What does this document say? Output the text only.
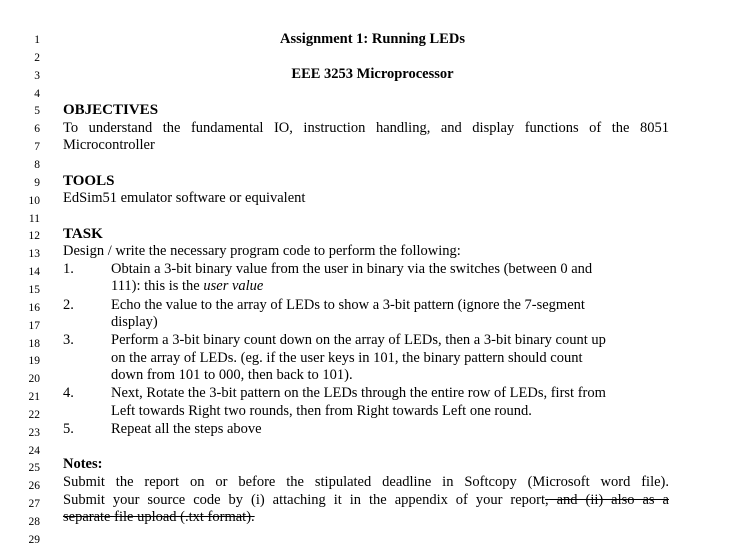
1
2
3
4
5
6
7
8
9
10
11
12
13
14
15
16
17
18
19
20
21
22
23
24
25
26
27
28
29
Assignment 1: Running LEDs
EEE 3253 Microprocessor
OBJECTIVES
To understand the fundamental IO, instruction handling, and display functions of the 8051
Microcontroller
TOOLS
EdSim51 emulator software or equivalent
TASK
Design / write the necessary program code to perform the following:
1.	Obtain a 3-bit binary value from the user in binary via the switches (between 0 and
111): this is the user value
2.	Echo the value to the array of LEDs to show a 3-bit pattern (ignore the 7-segment
display)
3.	Perform a 3-bit binary count down on the array of LEDs, then a 3-bit binary count up
on the array of LEDs. (eg. if the user keys in 101, the binary pattern should count
down from 101 to 000, then back to 101).
4.	Next, Rotate the 3-bit pattern on the LEDs through the entire row of LEDs, first from
Left towards Right two rounds, then from Right towards Left one round.
5.	Repeat all the steps above
Notes:
Submit the report on or before the stipulated deadline in Softcopy (Microsoft word file).
Submit your source code by (i) attaching it in the appendix of your report, and (ii) also as a
separate file upload (.txt format).
